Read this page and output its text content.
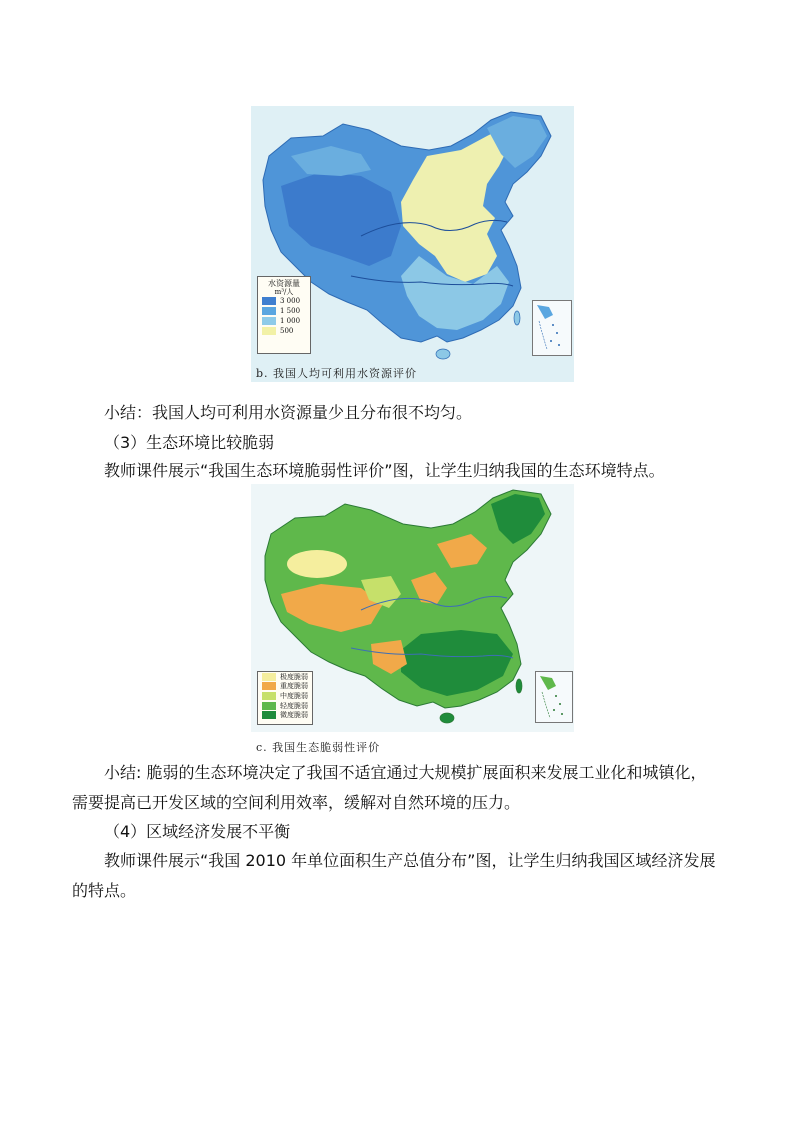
水资源量
m³/人
3 000
1 500
1 000
500
b. 我国人均可利用水资源评价

小结：我国人均可利用水资源量少且分布很不均匀。

（3）生态环境比较脆弱

教师课件展示“我国生态环境脆弱性评价”图，让学生归纳我国的生态环境特点。

极度脆弱
重度脆弱
中度脆弱
轻度脆弱
微度脆弱
c. 我国生态脆弱性评价

小结: 脆弱的生态环境决定了我国不适宜通过大规模扩展面积来发展工业化和城镇化，需要提高已开发区域的空间利用效率，缓解对自然环境的压力。

（4）区域经济发展不平衡

教师课件展示“我国 2010 年单位面积生产总值分布”图，让学生归纳我国区域经济发展的特点。
